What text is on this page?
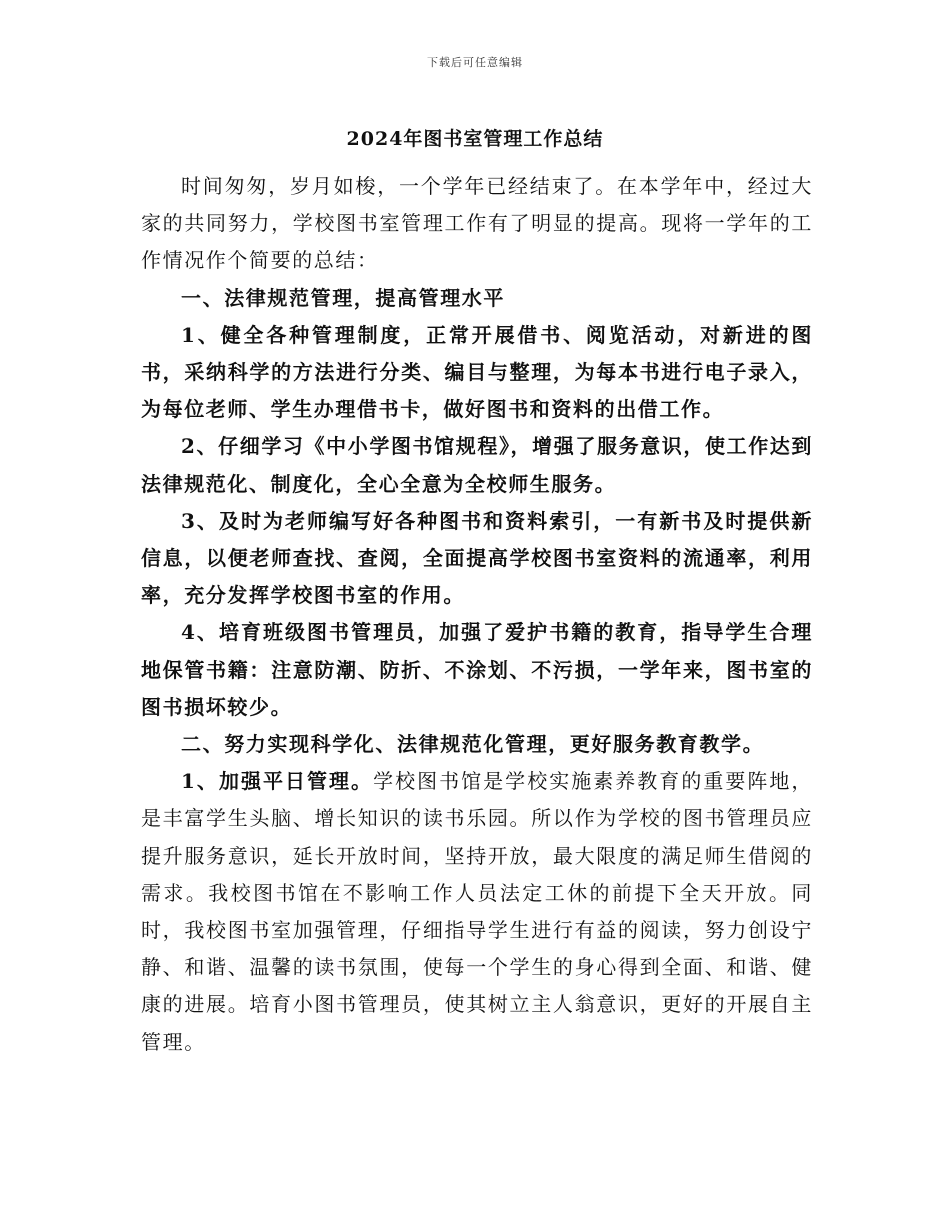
下载后可任意编辑
2024年图书室管理工作总结

时间匆匆，岁月如梭，一个学年已经结束了。在本学年中，经过大家的共同努力，学校图书室管理工作有了明显的提高。现将一学年的工作情况作个简要的总结：

一、法律规范管理，提高管理水平

1、健全各种管理制度，正常开展借书、阅览活动，对新进的图书，采纳科学的方法进行分类、编目与整理，为每本书进行电子录入，为每位老师、学生办理借书卡，做好图书和资料的出借工作。

2、仔细学习《中小学图书馆规程》，增强了服务意识，使工作达到法律规范化、制度化，全心全意为全校师生服务。

3、及时为老师编写好各种图书和资料索引，一有新书及时提供新信息，以便老师查找、查阅，全面提高学校图书室资料的流通率，利用率，充分发挥学校图书室的作用。

4、培育班级图书管理员，加强了爱护书籍的教育，指导学生合理地保管书籍：注意防潮、防折、不涂划、不污损，一学年来，图书室的图书损坏较少。

二、努力实现科学化、法律规范化管理，更好服务教育教学。

1、加强平日管理。学校图书馆是学校实施素养教育的重要阵地，是丰富学生头脑、增长知识的读书乐园。所以作为学校的图书管理员应提升服务意识，延长开放时间，坚持开放，最大限度的满足师生借阅的需求。我校图书馆在不影响工作人员法定工休的前提下全天开放。同时，我校图书室加强管理，仔细指导学生进行有益的阅读，努力创设宁静、和谐、温馨的读书氛围，使每一个学生的身心得到全面、和谐、健康的进展。培育小图书管理员，使其树立主人翁意识，更好的开展自主管理。
